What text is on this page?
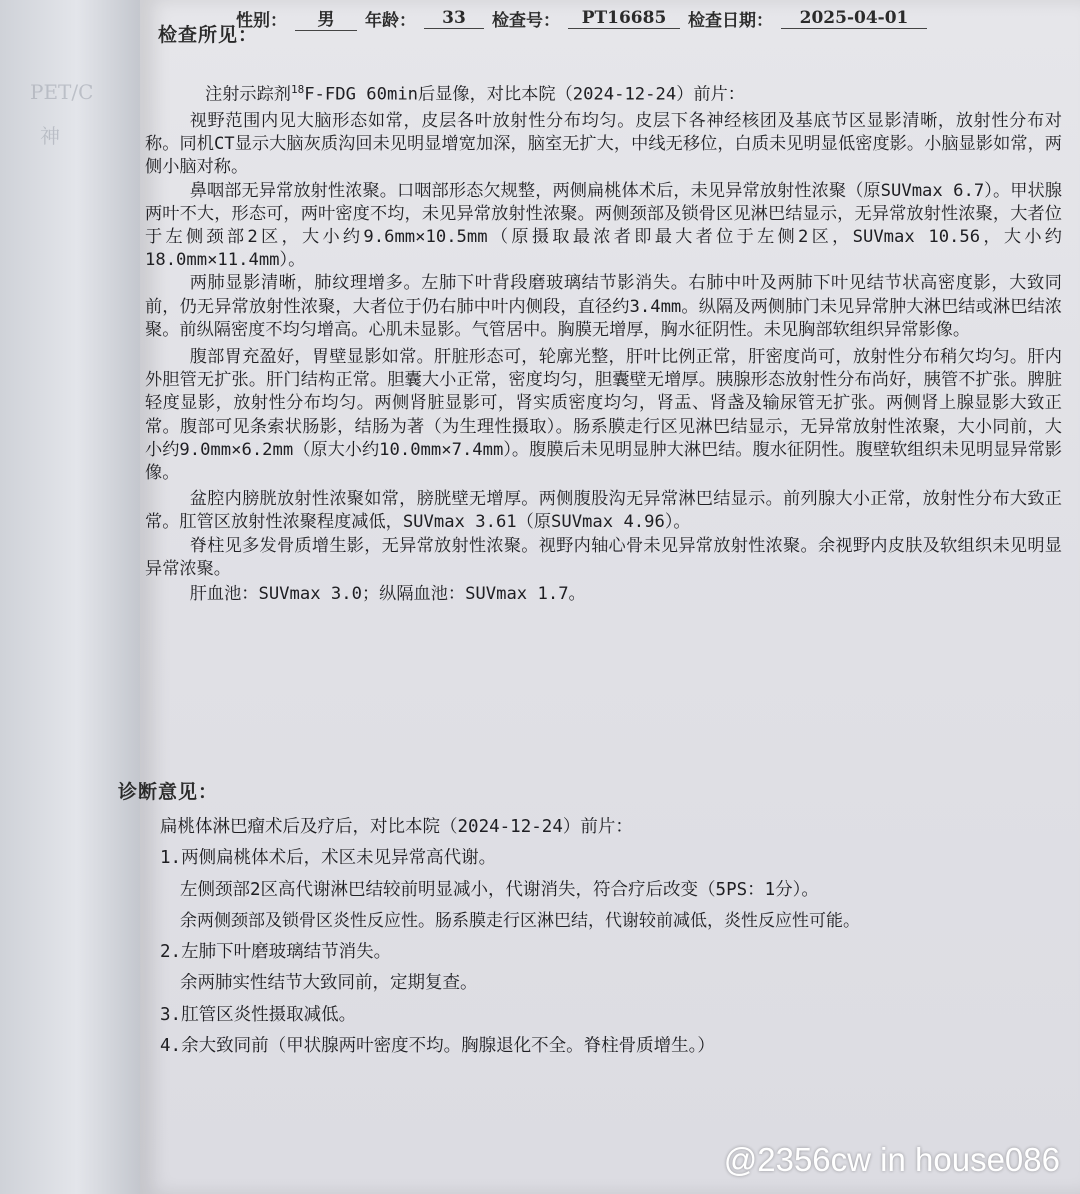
PET/C
神
性别：	男	年龄：	33	检查号：	PT16685	检查日期：	2025-04-01
检查所见：

注射示踪剂$^{18}$F-FDG 60min后显像，对比本院（2024-12-24）前片：

视野范围内见大脑形态如常，皮层各叶放射性分布均匀。皮层下各神经核团及基底节区显影清晰，放射性分布对称。同机CT显示大脑灰质沟回未见明显增宽加深，脑室无扩大，中线无移位，白质未见明显低密度影。小脑显影如常，两侧小脑对称。

鼻咽部无异常放射性浓聚。口咽部形态欠规整，两侧扁桃体术后，未见异常放射性浓聚（原SUVmax 6.7）。甲状腺两叶不大，形态可，两叶密度不均，未见异常放射性浓聚。两侧颈部及锁骨区见淋巴结显示，无异常放射性浓聚，大者位于左侧颈部2区，大小约9.6mm×10.5mm（原摄取最浓者即最大者位于左侧2区，SUVmax 10.56，大小约18.0mm×11.4mm）。

两肺显影清晰，肺纹理增多。左肺下叶背段磨玻璃结节影消失。右肺中叶及两肺下叶见结节状高密度影，大致同前，仍无异常放射性浓聚，大者位于仍右肺中叶内侧段，直径约3.4mm。纵隔及两侧肺门未见异常肿大淋巴结或淋巴结浓聚。前纵隔密度不均匀增高。心肌未显影。气管居中。胸膜无增厚，胸水征阴性。未见胸部软组织异常影像。

腹部胃充盈好，胃壁显影如常。肝脏形态可，轮廓光整，肝叶比例正常，肝密度尚可，放射性分布稍欠均匀。肝内外胆管无扩张。肝门结构正常。胆囊大小正常，密度均匀，胆囊壁无增厚。胰腺形态放射性分布尚好，胰管不扩张。脾脏轻度显影，放射性分布均匀。两侧肾脏显影可，肾实质密度均匀，肾盂、肾盏及输尿管无扩张。两侧肾上腺显影大致正常。腹部可见条索状肠影，结肠为著（为生理性摄取）。肠系膜走行区见淋巴结显示，无异常放射性浓聚，大小同前，大小约9.0mm×6.2mm（原大小约10.0mm×7.4mm）。腹膜后未见明显肿大淋巴结。腹水征阴性。腹壁软组织未见明显异常影像。

盆腔内膀胱放射性浓聚如常，膀胱壁无增厚。两侧腹股沟无异常淋巴结显示。前列腺大小正常，放射性分布大致正常。肛管区放射性浓聚程度减低，SUVmax 3.61（原SUVmax 4.96）。

脊柱见多发骨质增生影，无异常放射性浓聚。视野内轴心骨未见异常放射性浓聚。余视野内皮肤及软组织未见明显异常浓聚。

肝血池：SUVmax 3.0；纵隔血池：SUVmax 1.7。

诊断意见：

扁桃体淋巴瘤术后及疗后，对比本院（2024-12-24）前片：

1.两侧扁桃体术后，术区未见异常高代谢。

左侧颈部2区高代谢淋巴结较前明显减小，代谢消失，符合疗后改变（5PS：1分）。

余两侧颈部及锁骨区炎性反应性。肠系膜走行区淋巴结，代谢较前减低，炎性反应性可能。

2.左肺下叶磨玻璃结节消失。

余两肺实性结节大致同前，定期复查。

3.肛管区炎性摄取减低。

4.余大致同前（甲状腺两叶密度不均。胸腺退化不全。脊柱骨质增生。）

@2356cw in house086
